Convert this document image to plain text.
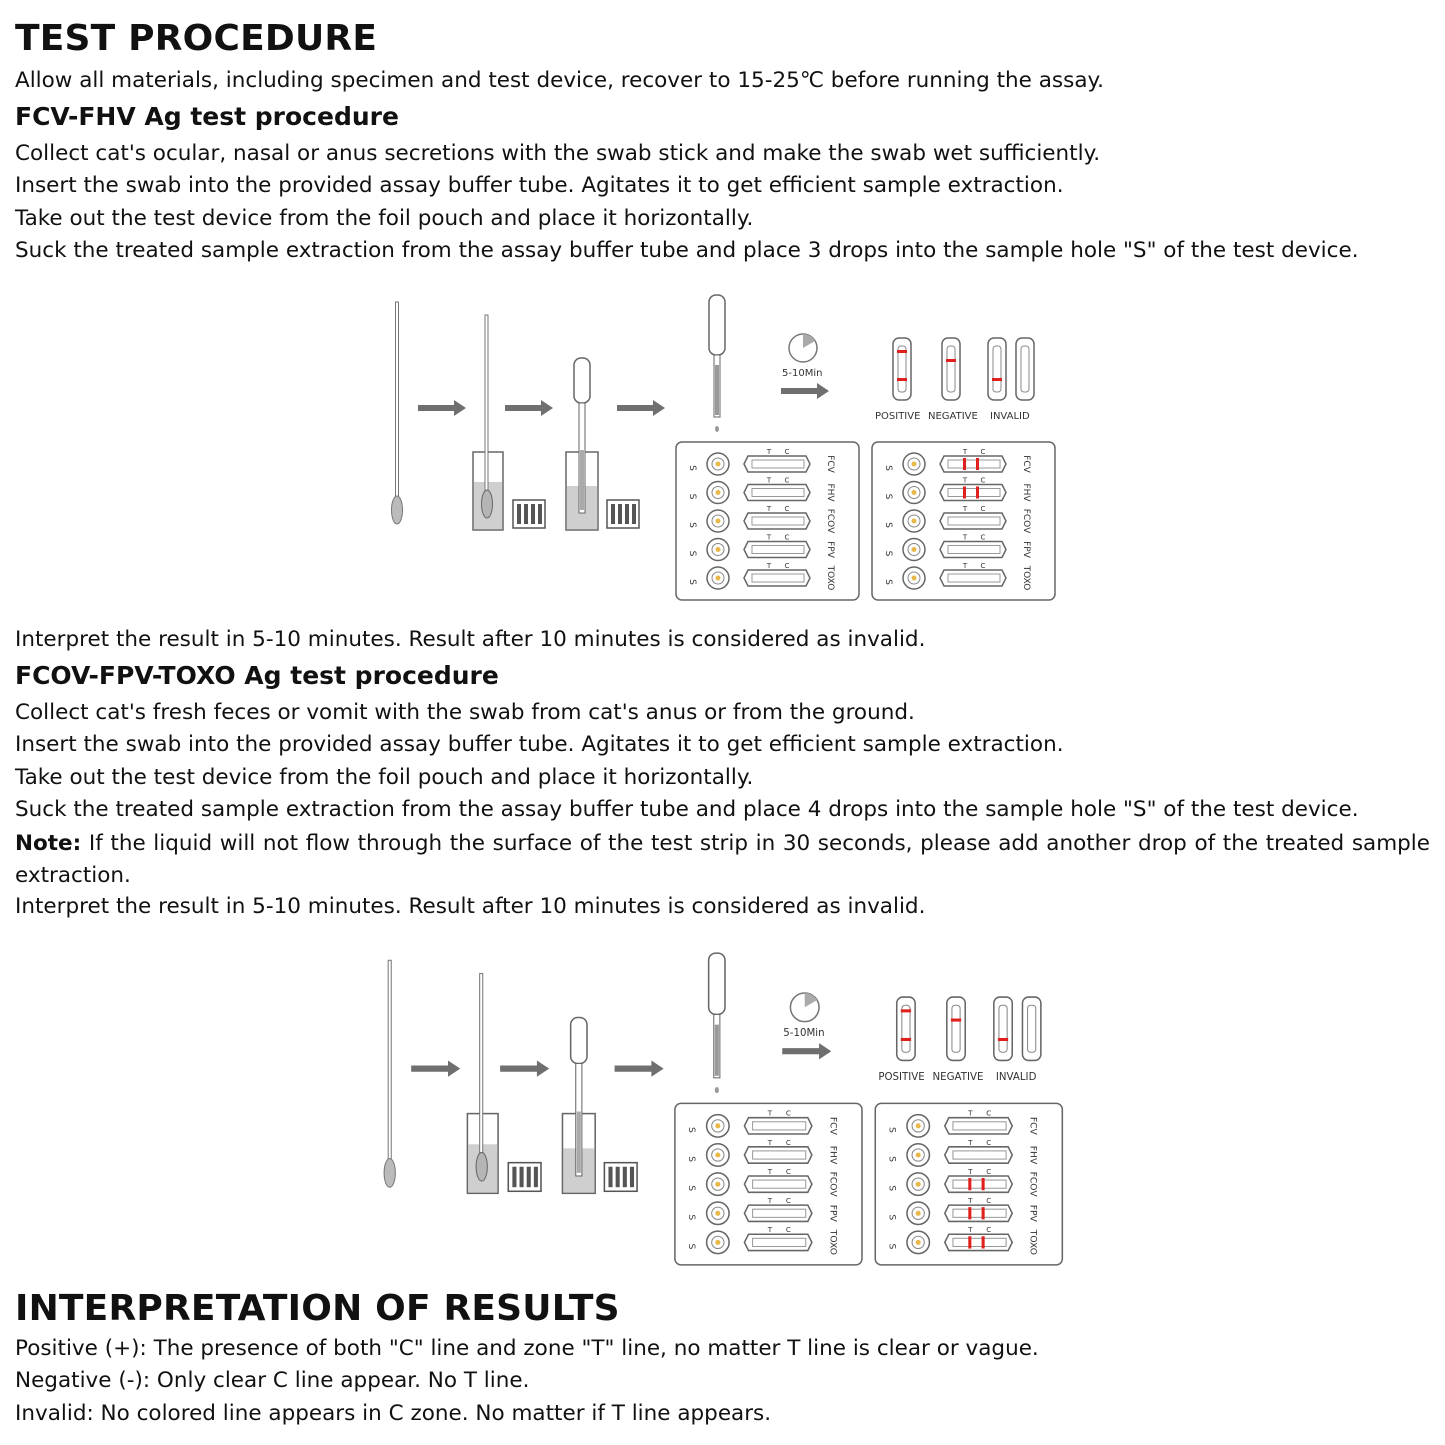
TEST PROCEDURE
Allow all materials, including specimen and test device, recover to 15-25℃ before running the assay.
FCV-FHV Ag test procedure
Collect cat's ocular, nasal or anus secretions with the swab stick and make the swab wet sufficiently.
Insert the swab into the provided assay buffer tube. Agitates it to get efficient sample extraction.
Take out the test device from the foil pouch and place it horizontally.
Suck the treated sample extraction from the assay buffer tube and place 3 drops into the sample hole "S" of the test device.
5-10Min
POSITIVE NEGATIVE INVALID
S
T C
FCV
S
T C
FHV
S
T C	FCOV
S
T C
FPV
S
T C	TOXO
S
T C
S
T C
S
T C
S
T C
S
T C
FCV
FHV
FCOV
FPV
TOXO
Interpret the result in 5-10 minutes. Result after 10 minutes is considered as invalid.
FCOV-FPV-TOXO Ag test procedure
Collect cat's fresh feces or vomit with the swab from cat's anus or from the ground.
Insert the swab into the provided assay buffer tube. Agitates it to get efficient sample extraction.
Take out the test device from the foil pouch and place it horizontally.
Suck the treated sample extraction from the assay buffer tube and place 4 drops into the sample hole "S" of the test device.
Note: If the liquid will not flow through the surface of the test strip in 30 seconds, please add another drop of the treated sample extraction.
Interpret the result in 5-10 minutes. Result after 10 minutes is considered as invalid.
5-10Min
POSITIVE NEGATIVE INVALID
S
T C
FCV
S
T C
FHV
S
T C
FCOV
S
T C
FPV
S
T C
TOXO
S
T C
S
T C
S
T C
S
T C
S
T C
FCV
FHV
FCOV
FPV
TOXO
INTERPRETATION OF RESULTS
Positive (+): The presence of both "C" line and zone "T" line, no matter T line is clear or vague.
Negative (-): Only clear C line appear. No T line.
Invalid: No colored line appears in C zone. No matter if T line appears.
